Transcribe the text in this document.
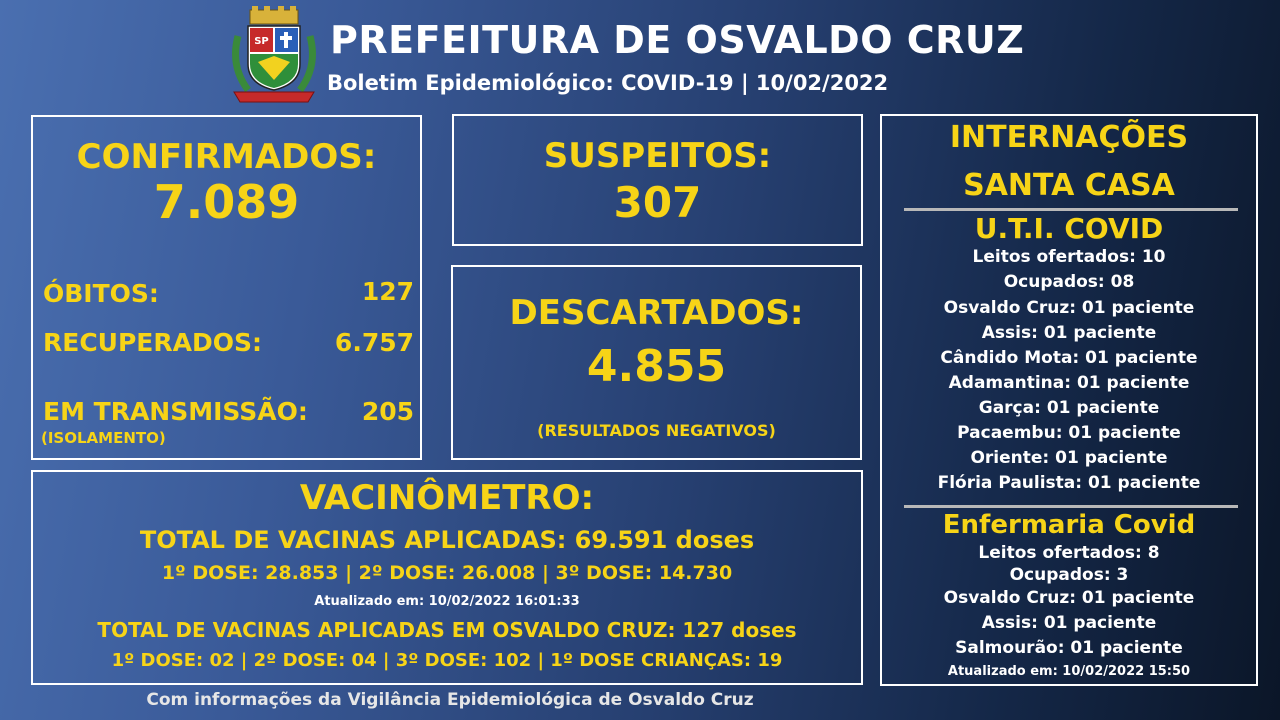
SP PREFEITURA DE OSVALDO CRUZ
Boletim Epidemiológico: COVID-19 | 10/02/2022
CONFIRMADOS:
7.089
ÓBITOS:	127
RECUPERADOS:	6.757
EM TRANSMISSÃO: 205
(ISOLAMENTO)
SUSPEITOS:
307
DESCARTADOS:
4.855
(RESULTADOS NEGATIVOS)
VACINÔMETRO:
TOTAL DE VACINAS APLICADAS: 69.591 doses
1º DOSE: 28.853 | 2º DOSE: 26.008 | 3º DOSE: 14.730
Atualizado em: 10/02/2022 16:01:33
TOTAL DE VACINAS APLICADAS EM OSVALDO CRUZ: 127 doses
1º DOSE: 02 | 2º DOSE: 04 | 3º DOSE: 102 | 1º DOSE CRIANÇAS: 19
INTERNAÇÕES
SANTA CASA
U.T.I. COVID
Leitos ofertados: 10
Ocupados: 08
Osvaldo Cruz: 01 paciente
Assis: 01 paciente
Cândido Mota: 01 paciente
Adamantina: 01 paciente
Garça: 01 paciente
Pacaembu: 01 paciente
Oriente: 01 paciente
Flória Paulista: 01 paciente
Enfermaria Covid
Leitos ofertados: 8
Ocupados: 3
Osvaldo Cruz: 01 paciente
Assis: 01 paciente
Salmourão: 01 paciente
Atualizado em: 10/02/2022 15:50
Com informações da Vigilância Epidemiológica de Osvaldo Cruz
